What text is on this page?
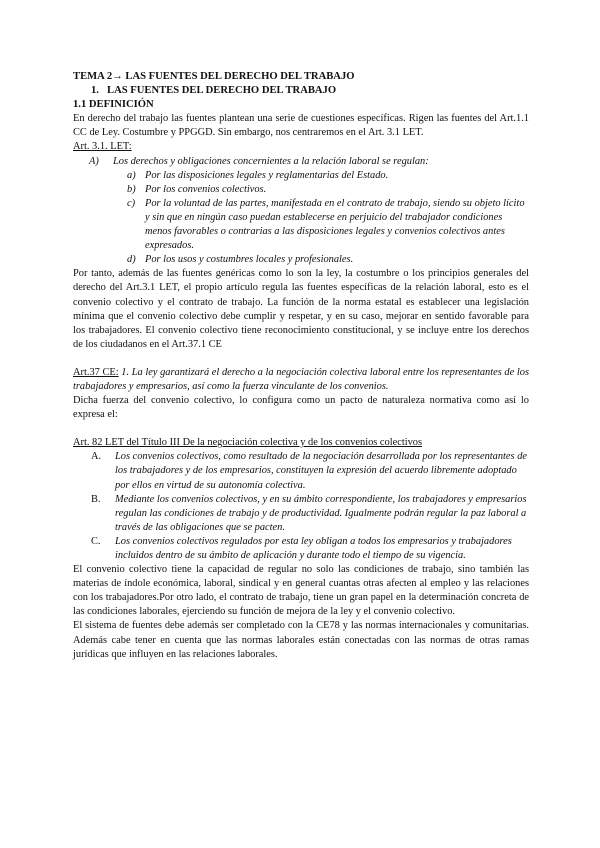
TEMA 2→ LAS FUENTES DEL DERECHO DEL TRABAJO
1. LAS FUENTES DEL DERECHO DEL TRABAJO
1.1 DEFINICIÓN

En derecho del trabajo las fuentes plantean una serie de cuestiones específicas. Rigen las fuentes del Art.1.1 CC de Ley. Costumbre y PPGGD. Sin embargo, nos centraremos en el Art. 3.1 LET.

Art. 3.1. LET:

A) Los derechos y obligaciones concernientes a la relación laboral se regulan:
a) Por las disposiciones legales y reglamentarias del Estado.
b) Por los convenios colectivos.
c) Por la voluntad de las partes, manifestada en el contrato de trabajo, siendo su objeto lícito y sin que en ningún caso puedan establecerse en perjuicio del trabajador condiciones menos favorables o contrarias a las disposiciones legales y convenios colectivos antes expresados.
d) Por los usos y costumbres locales y profesionales.

Por tanto, además de las fuentes genéricas como lo son la ley, la costumbre o los principios generales del derecho del Art.3.1 LET, el propio artículo regula las fuentes específicas de la relación laboral, esto es el convenio colectivo y el contrato de trabajo. La función de la norma estatal es establecer una legislación mínima que el convenio colectivo debe cumplir y respetar, y en su caso, mejorar en sentido favorable para los trabajadores. El convenio colectivo tiene reconocimiento constitucional, y se incluye entre los derechos de los ciudadanos en el Art.37.1 CE

Art.37 CE: 1. La ley garantizará el derecho a la negociación colectiva laboral entre los representantes de los trabajadores y empresarios, así como la fuerza vinculante de los convenios.

Dicha fuerza del convenio colectivo, lo configura como un pacto de naturaleza normativa como así lo expresa el:

Art. 82 LET del Título III De la negociación colectiva y de los convenios colectivos

A. Los convenios colectivos, como resultado de la negociación desarrollada por los representantes de los trabajadores y de los empresarios, constituyen la expresión del acuerdo libremente adoptado por ellos en virtud de su autonomía colectiva.
B. Mediante los convenios colectivos, y en su ámbito correspondiente, los trabajadores y empresarios regulan las condiciones de trabajo y de productividad. Igualmente podrán regular la paz laboral a través de las obligaciones que se pacten.
C. Los convenios colectivos regulados por esta ley obligan a todos los empresarios y trabajadores incluidos dentro de su ámbito de aplicación y durante todo el tiempo de su vigencia.

El convenio colectivo tiene la capacidad de regular no solo las condiciones de trabajo, sino también las materias de índole económica, laboral, sindical y en general cuantas otras afecten al empleo y las relaciones con los trabajadores.Por otro lado, el contrato de trabajo, tiene un gran papel en la determinación concreta de las condiciones laborales, ejerciendo su función de mejora de la ley y el convenio colectivo.

El sistema de fuentes debe además ser completado con la CE78 y las normas internacionales y comunitarias. Además cabe tener en cuenta que las normas laborales están conectadas con las normas de otras ramas jurídicas que influyen en las relaciones laborales.
